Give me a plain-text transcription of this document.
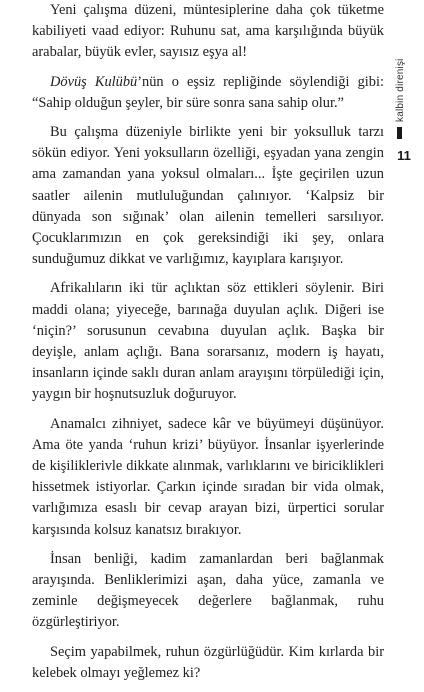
Yeni çalışma düzeni, müntesiplerine daha çok tüketme kabiliyeti vaad ediyor: Ruhunu sat, ama karşılığında büyük arabalar, büyük evler, sayısız eşya al!

Dövüş Kulübü’nün o eşsiz repliğinde söylendiği gibi: “Sahip olduğun şeyler, bir süre sonra sana sahip olur.”

Bu çalışma düzeniyle birlikte yeni bir yoksulluk tarzı sökün ediyor. Yeni yoksulların özelliği, eşyadan yana zengin ama zamandan yana yoksul olmaları... İşte geçirilen uzun saatler ailenin mutluluğundan çalınıyor. ‘Kalpsiz bir dünyada son sığınak’ olan ailenin temelleri sarsılıyor. Çocuklarımızın en çok gereksindiği iki şey, onlara sunduğumuz dikkat ve varlığımız, kayıplara karışıyor.

Afrikalıların iki tür açlıktan söz ettikleri söylenir. Biri maddi olana; yiyeceğe, barınağa duyulan açlık. Diğeri ise ‘niçin?’ sorusunun cevabına duyulan açlık. Başka bir deyişle, anlam açlığı. Bana sorarsanız, modern iş hayatı, insanların içinde saklı duran anlam arayışını törpülediği için, yaygın bir hoşnutsuzluk doğuruyor.

Anamalcı zihniyet, sadece kâr ve büyümeyi düşünüyor. Ama öte yanda ‘ruhun krizi’ büyüyor. İnsanlar işyerlerinde de kişiliklerivle dikkate alınmak, varlıklarını ve biriciklikleri hissetmek istiyorlar. Çarkın içinde sıradan bir vida olmak, varlığımıza esaslı bir cevap arayan bizi, ürpertici sorular karşısında kolsuz kanatsız bırakıyor.

İnsan benliği, kadim zamanlardan beri bağlanmak arayışında. Benliklerimizi aşan, daha yüce, zamanla ve zeminle değişmeyecek değerlere bağlanmak, ruhu özgürleştiriyor.

Seçim yapabilmek, ruhun özgürlüğüdür. Kim kırlarda bir kelebek olmayı yeğlemez ki?

kalbin direnişi
11
